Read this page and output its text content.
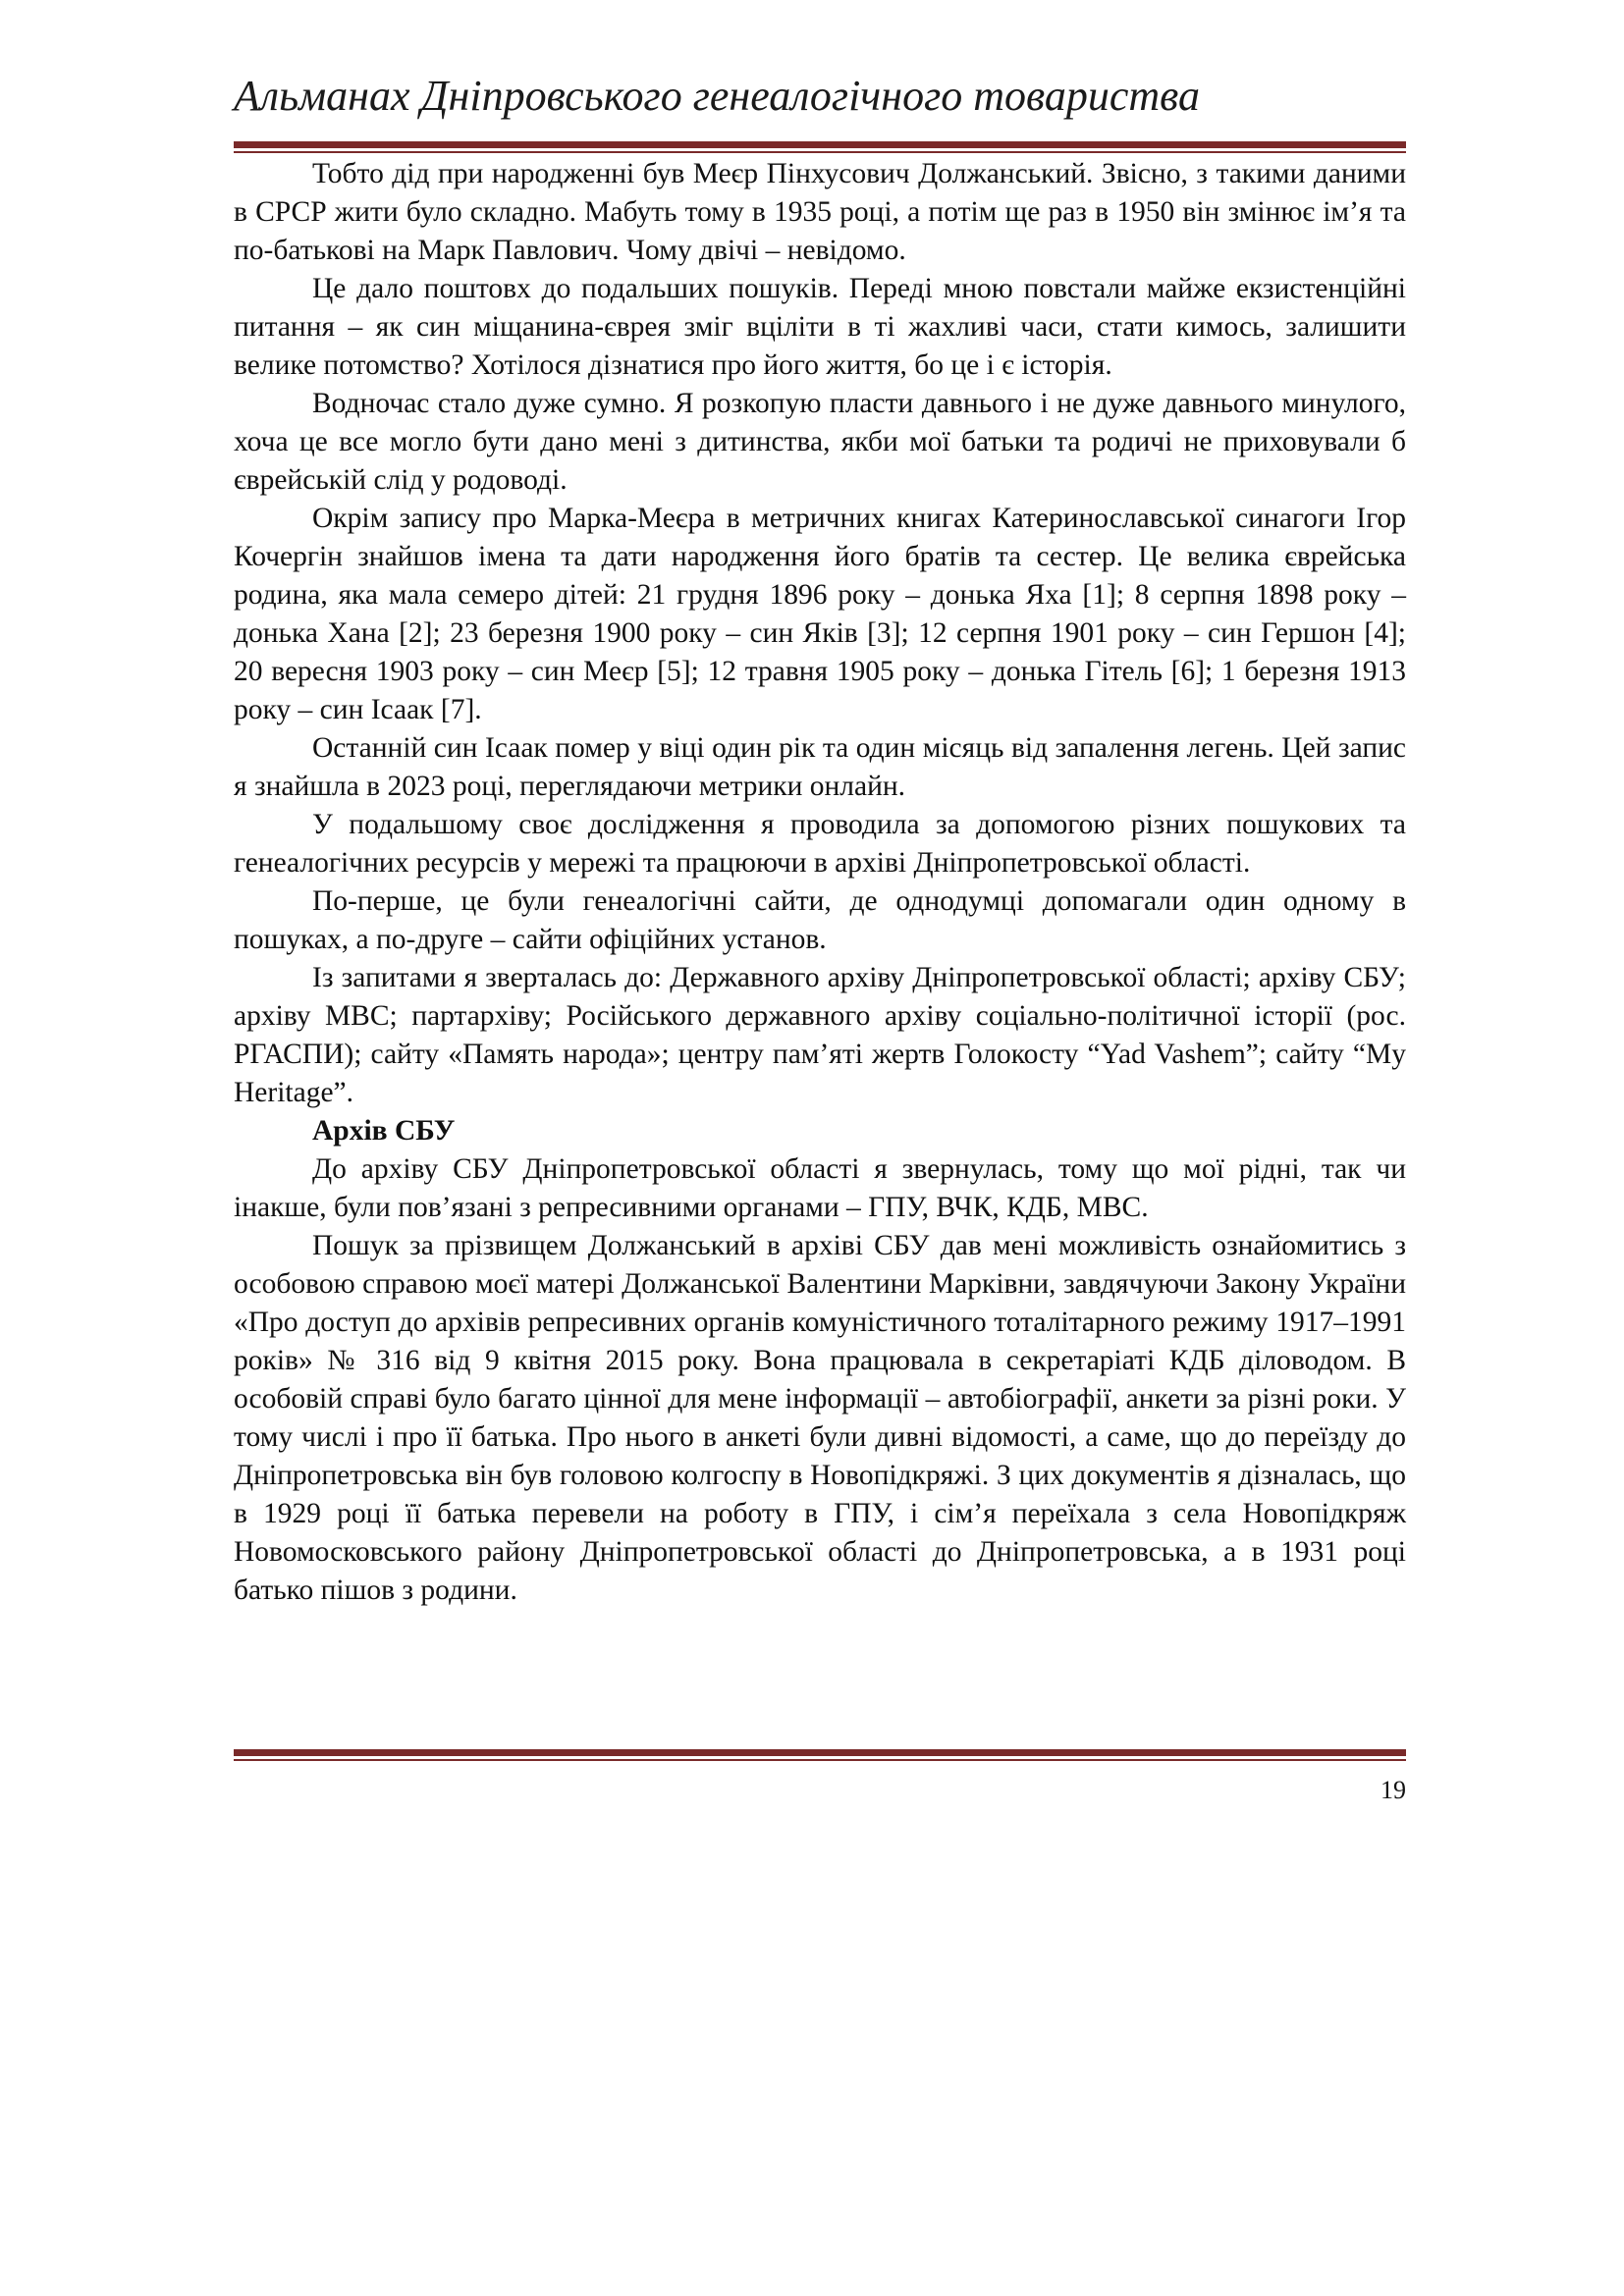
Альманах Дніпровського генеалогічного товариства

Тобто дід при народженні був Меєр Пінхусович Должанський. Звісно, з такими даними в СРСР жити було складно. Мабуть тому в 1935 році, а потім ще раз в 1950 він змінює ім’я та по-батькові на Марк Павлович. Чому двічі – невідомо.

Це дало поштовх до подальших пошуків. Переді мною повстали майже екзистенційні питання – як син міщанина-єврея зміг вціліти в ті жахливі часи, стати кимось, залишити велике потомство? Хотілося дізнатися про його життя, бо це і є історія.

Водночас стало дуже сумно. Я розкопую пласти давнього і не дуже давнього минулого, хоча це все могло бути дано мені з дитинства, якби мої батьки та родичі не приховували б єврейській слід у родоводі.

Окрім запису про Марка-Меєра в метричних книгах Катеринославської синагоги Ігор Кочергін знайшов імена та дати народження його братів та сестер. Це велика єврейська родина, яка мала семеро дітей: 21 грудня 1896 року – донька Яха [1]; 8 серпня 1898 року – донька Хана [2]; 23 березня 1900 року – син Яків [3]; 12 серпня 1901 року – син Гершон [4]; 20 вересня 1903 року – син Меєр [5]; 12 травня 1905 року – донька Гітель [6]; 1 березня 1913 року – син Ісаак [7].

Останній син Ісаак помер у віці один рік та один місяць від запалення легень. Цей запис я знайшла в 2023 році, переглядаючи метрики онлайн.

У подальшому своє дослідження я проводила за допомогою різних пошукових та генеалогічних ресурсів у мережі та працюючи в архіві Дніпропетровської області.

По-перше, це були генеалогічні сайти, де однодумці допомагали один одному в пошуках, а по-друге – сайти офіційних установ.

Із запитами я зверталась до: Державного архіву Дніпропетровської області; архіву СБУ; архіву МВС; партархіву; Російського державного архіву соціально-політичної історії (рос. РГАСПИ); сайту «Память народа»; центру пам’яті жертв Голокосту “Yad Vashem”; сайту “My Heritage”.

Архів СБУ

До архіву СБУ Дніпропетровської області я звернулась, тому що мої рідні, так чи інакше, були пов’язані з репресивними органами – ГПУ, ВЧК, КДБ, МВС.

Пошук за прізвищем Должанський в архіві СБУ дав мені можливість ознайомитись з особовою справою моєї матері Должанської Валентини Марківни, завдячуючи Закону України «Про доступ до архівів репресивних органів комуністичного тоталітарного режиму 1917–1991 років» № 316 від 9 квітня 2015 року. Вона працювала в секретаріаті КДБ діловодом. В особовій справі було багато цінної для мене інформації – автобіографії, анкети за різні роки. У тому числі і про її батька. Про нього в анкеті були дивні відомості, а саме, що до переїзду до Дніпропетровська він був головою колгоспу в Новопідкряжі. З цих документів я дізналась, що в 1929 році її батька перевели на роботу в ГПУ, і сім’я переїхала з села Новопідкряж Новомосковського району Дніпропетровської області до Дніпропетровська, а в 1931 році батько пішов з родини.

19
